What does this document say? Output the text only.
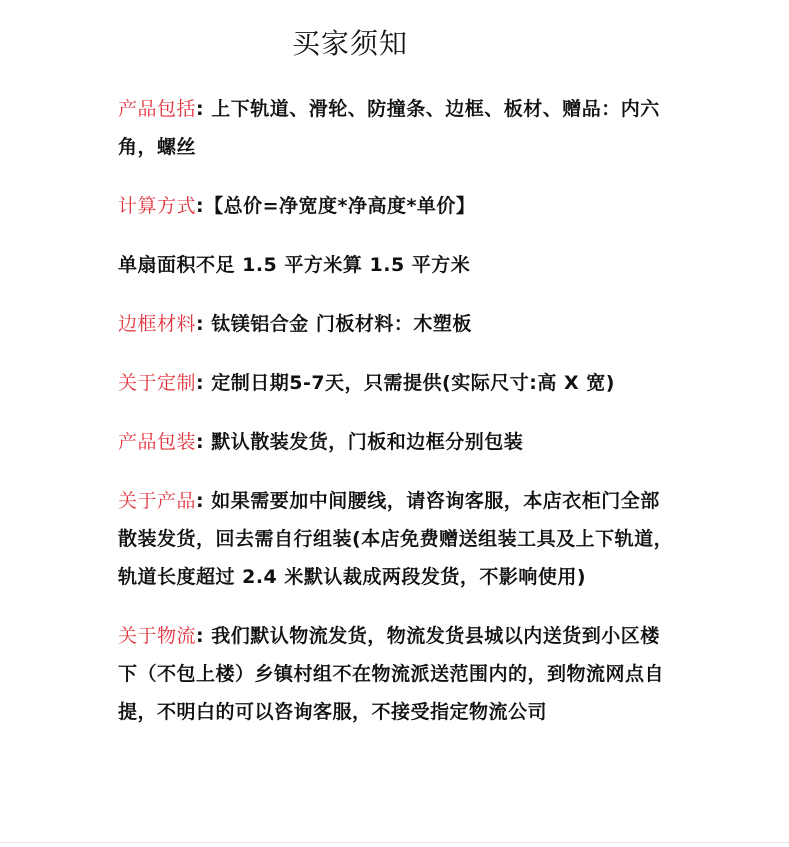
买家须知

产品包括: 上下轨道、滑轮、防撞条、边框、板材、赠品：内六角，螺丝

计算方式:【总价=净宽度*净高度*单价】

单扇面积不足 1.5 平方米算 1.5 平方米

边框材料: 钛镁铝合金 门板材料：木塑板

关于定制: 定制日期5-7天，只需提供(实际尺寸:高 X 宽)

产品包装: 默认散装发货，门板和边框分别包装

关于产品: 如果需要加中间腰线，请咨询客服，本店衣柜门全部散装发货，回去需自行组装(本店免费赠送组装工具及上下轨道，轨道长度超过 2.4 米默认裁成两段发货，不影响使用)

关于物流: 我们默认物流发货，物流发货县城以内送货到小区楼下（不包上楼）乡镇村组不在物流派送范围内的，到物流网点自提，不明白的可以咨询客服，不接受指定物流公司
